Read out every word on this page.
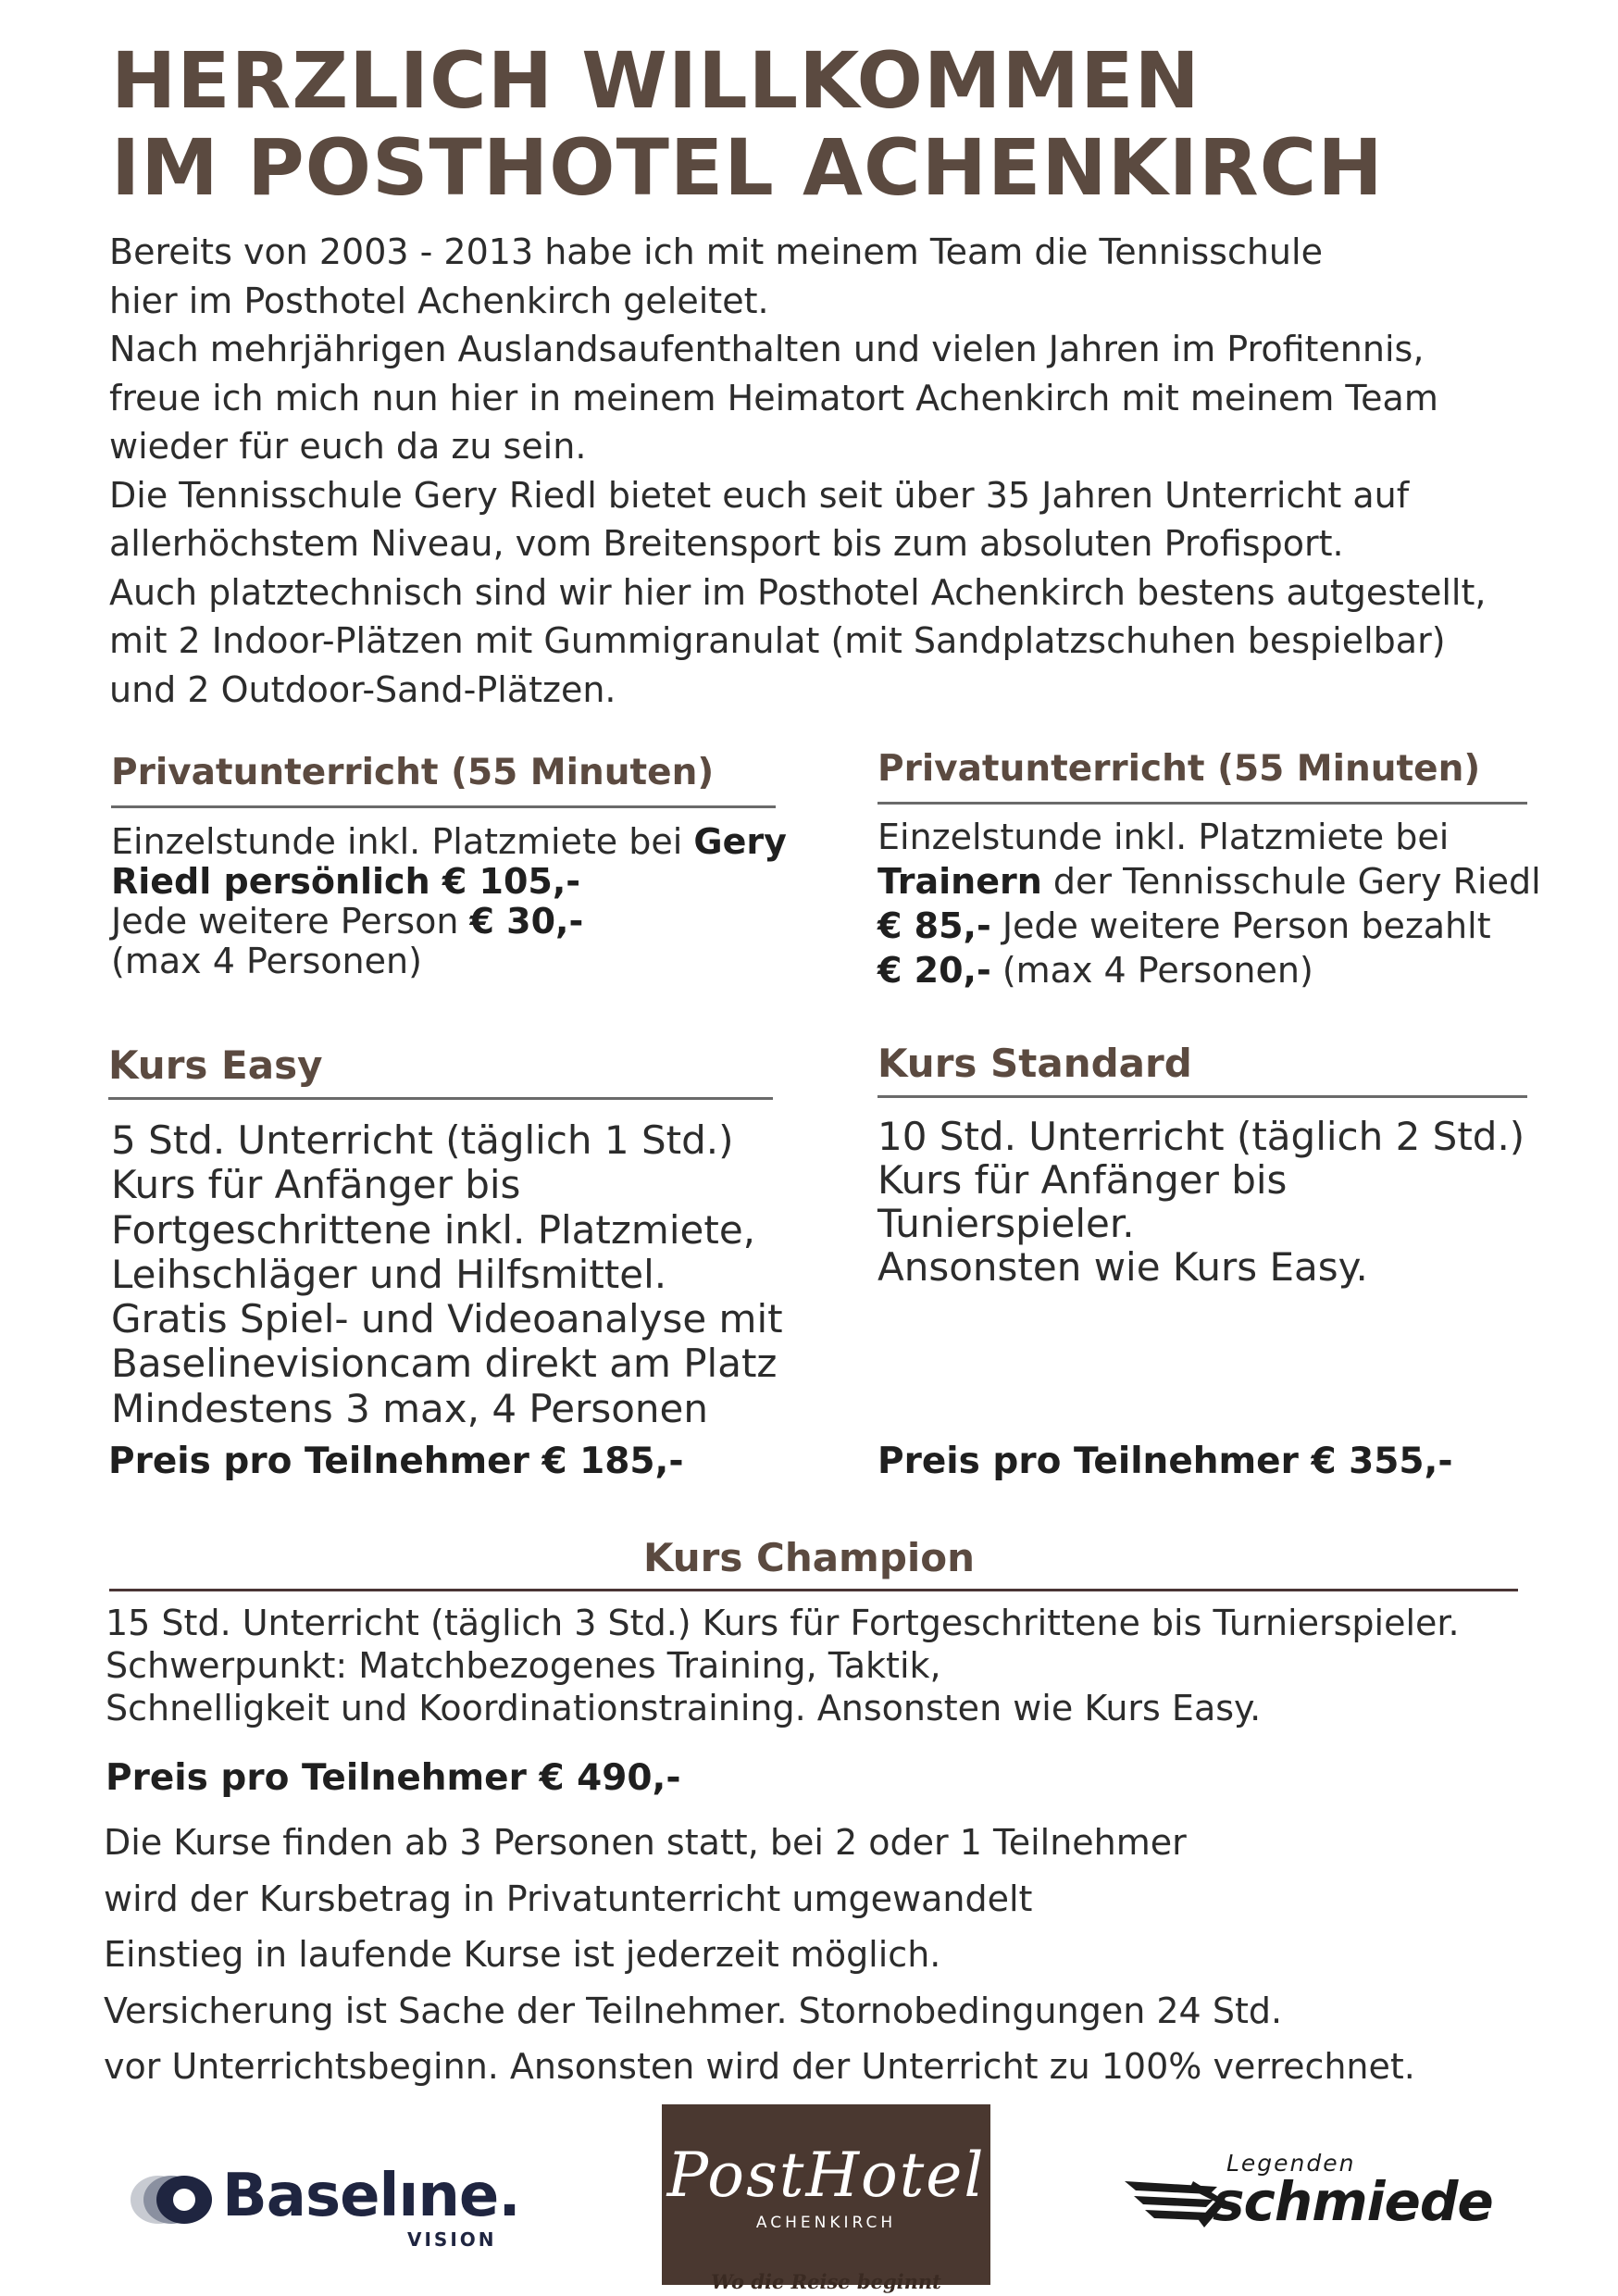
HERZLICH WILLKOMMEN
IM POSTHOTEL ACHENKIRCH
Bereits von 2003 - 2013 habe ich mit meinem Team die Tennisschule
hier im Posthotel Achenkirch geleitet.
Nach mehrjährigen Auslandsaufenthalten und vielen Jahren im Profitennis,
freue ich mich nun hier in meinem Heimatort Achenkirch mit meinem Team
wieder für euch da zu sein.
Die Tennisschule Gery Riedl bietet euch seit über 35 Jahren Unterricht auf
allerhöchstem Niveau, vom Breitensport bis zum absoluten Profisport.
Auch platztechnisch sind wir hier im Posthotel Achenkirch bestens autgestellt,
mit 2 Indoor-Plätzen mit Gummigranulat (mit Sandplatzschuhen bespielbar)
und 2 Outdoor-Sand-Plätzen.
Privatunterricht (55 Minuten)
Einzelstunde inkl. Platzmiete bei Gery
Riedl persönlich € 105,-
Jede weitere Person € 30,-
(max 4 Personen)
Privatunterricht (55 Minuten)
Einzelstunde inkl. Platzmiete bei
Trainern der Tennisschule Gery Riedl
€ 85,- Jede weitere Person bezahlt
€ 20,- (max 4 Personen)
Kurs Easy
5 Std. Unterricht (täglich 1 Std.)
Kurs für Anfänger bis
Fortgeschrittene inkl. Platzmiete,
Leihschläger und Hilfsmittel.
Gratis Spiel- und Videoanalyse mit
Baselinevisioncam direkt am Platz
Mindestens 3 max, 4 Personen
Preis pro Teilnehmer € 185,-
Kurs Standard
10 Std. Unterricht (täglich 2 Std.)
Kurs für Anfänger bis
Tunierspieler.
Ansonsten wie Kurs Easy.
Preis pro Teilnehmer € 355,-
Kurs Champion
15 Std. Unterricht (täglich 3 Std.) Kurs für Fortgeschrittene bis Turnierspieler.
Schwerpunkt: Matchbezogenes Training, Taktik,
Schnelligkeit und Koordinationstraining. Ansonsten wie Kurs Easy.
Preis pro Teilnehmer € 490,-
Die Kurse finden ab 3 Personen statt, bei 2 oder 1 Teilnehmer
wird der Kursbetrag in Privatunterricht umgewandelt
Einstieg in laufende Kurse ist jederzeit möglich.
Versicherung ist Sache der Teilnehmer. Stornobedingungen 24 Std.
vor Unterrichtsbeginn. Ansonsten wird der Unterricht zu 100% verrechnet.
Baselıne.
VISION
PostHotel
ACHENKIRCH
Wo die Reise beginnt
Legenden
schmiede
